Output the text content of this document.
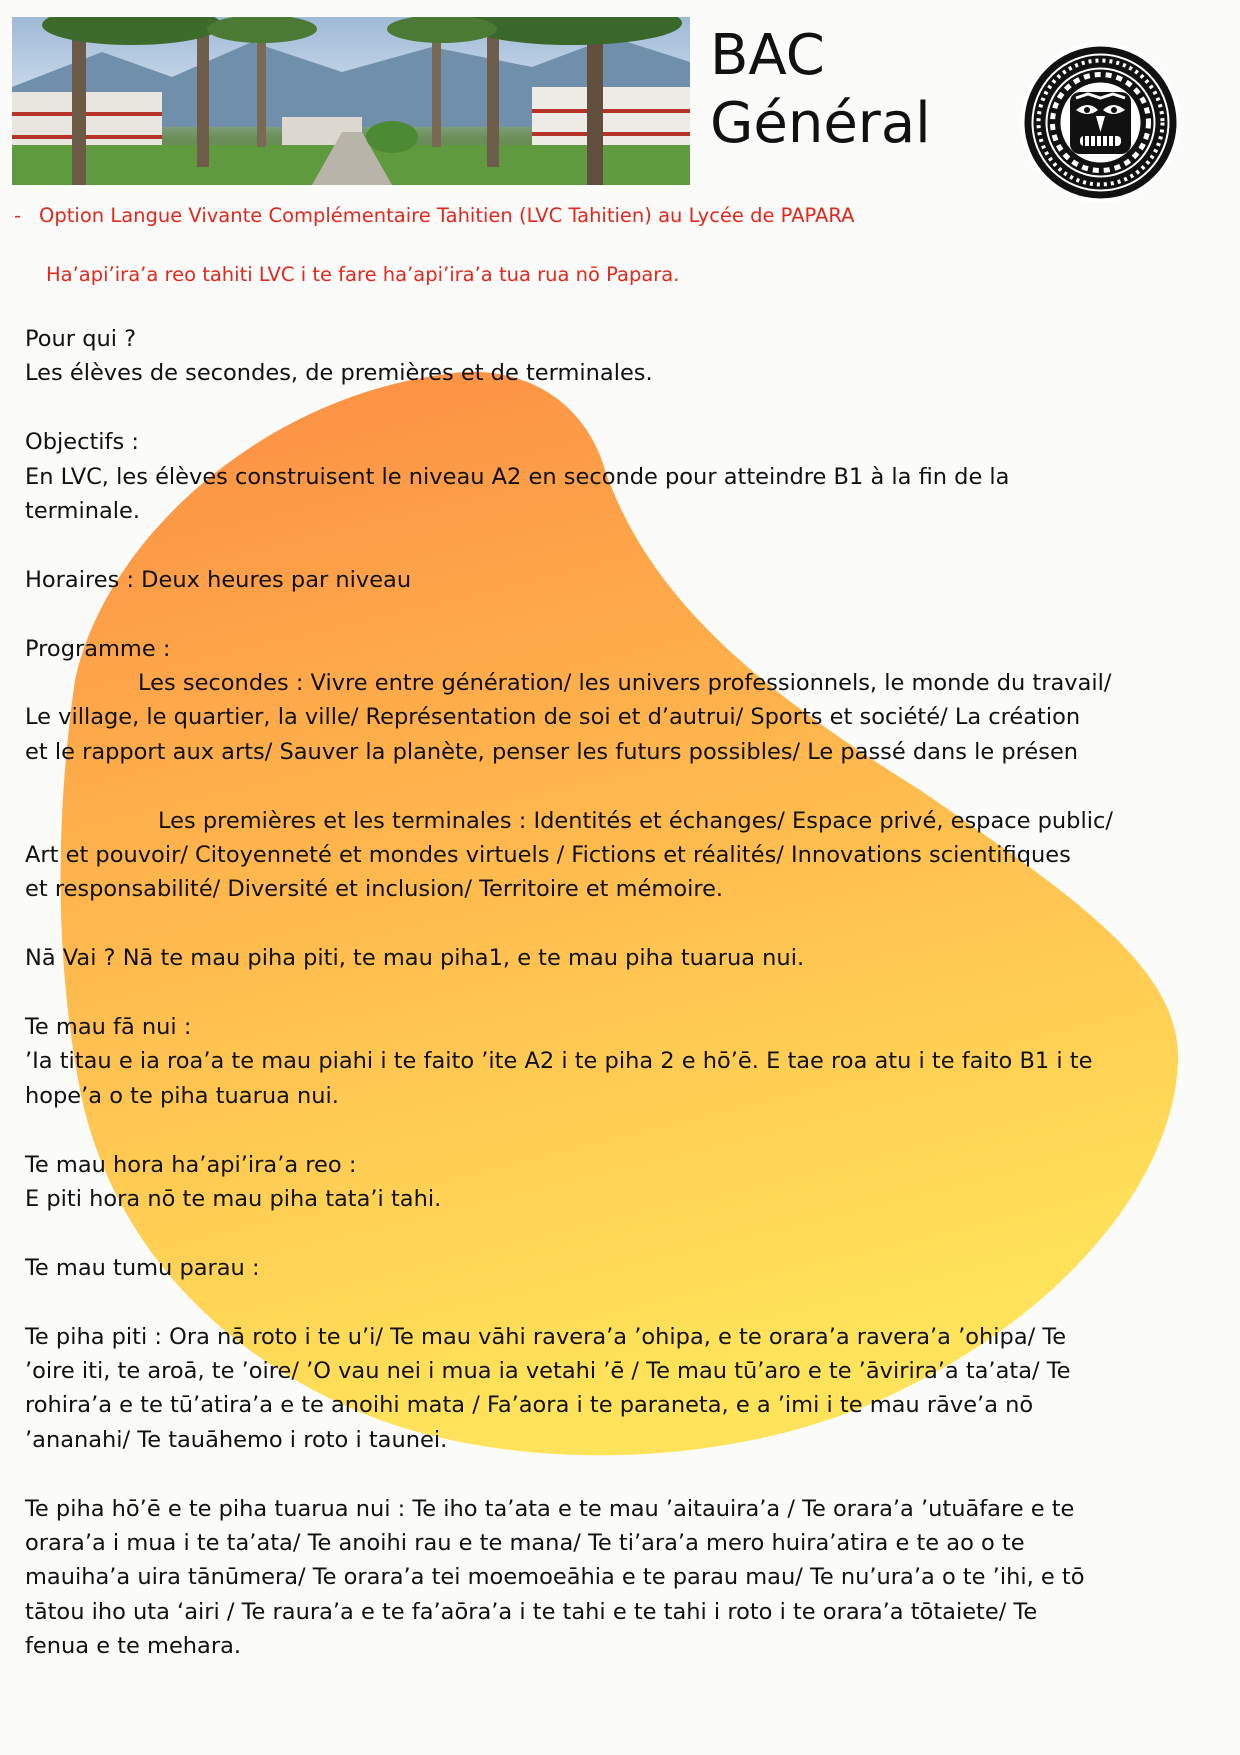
BAC
Général

- Option Langue Vivante Complémentaire Tahitien (LVC Tahitien) au Lycée de PAPARA

Ha’api’ira’a reo tahiti LVC i te fare ha’api’ira’a tua rua nō Papara.

Pour qui ?

Les élèves de secondes, de premières et de terminales.

Objectifs :

En LVC, les élèves construisent le niveau A2 en seconde pour atteindre B1 à la fin de la

terminale.

Horaires : Deux heures par niveau

Programme :

Les secondes : Vivre entre génération/ les univers professionnels, le monde du travail/

Le village, le quartier, la ville/ Représentation de soi et d’autrui/ Sports et société/ La création

et le rapport aux arts/ Sauver la planète, penser les futurs possibles/ Le passé dans le présen

Les premières et les terminales : Identités et échanges/ Espace privé, espace public/

Art et pouvoir/ Citoyenneté et mondes virtuels / Fictions et réalités/ Innovations scientifiques

et responsabilité/ Diversité et inclusion/ Territoire et mémoire.

Nā Vai ? Nā te mau piha piti, te mau piha1, e te mau piha tuarua nui.

Te mau fā nui :

’Ia titau e ia roa’a te mau piahi i te faito ’ite A2 i te piha 2 e hō’ē. E tae roa atu i te faito B1 i te

hope’a o te piha tuarua nui.

Te mau hora ha’api’ira’a reo :

E piti hora nō te mau piha tata’i tahi.

Te mau tumu parau :

Te piha piti : Ora nā roto i te u’i/ Te mau vāhi ravera’a ’ohipa, e te orara’a ravera’a ’ohipa/ Te

’oire iti, te aroā, te ’oire/ ’O vau nei i mua ia vetahi ’ē / Te mau tū’aro e te ’āvirira’a ta’ata/ Te

rohira’a e te tū’atira’a e te anoihi mata / Fa’aora i te paraneta, e a ’imi i te mau rāve’a nō

’ananahi/ Te tauāhemo i roto i taunei.

Te piha hō’ē e te piha tuarua nui : Te iho ta’ata e te mau ’aitauira’a / Te orara’a ’utuāfare e te

orara’a i mua i te ta’ata/ Te anoihi rau e te mana/ Te ti’ara’a mero huira’atira e te ao o te

mauiha’a uira tānūmera/ Te orara’a tei moemoeāhia e te parau mau/ Te nu’ura’a o te ’ihi, e tō

tātou iho uta ‘airi / Te raura’a e te fa’aōra’a i te tahi e te tahi i roto i te orara’a tōtaiete/ Te

fenua e te mehara.
